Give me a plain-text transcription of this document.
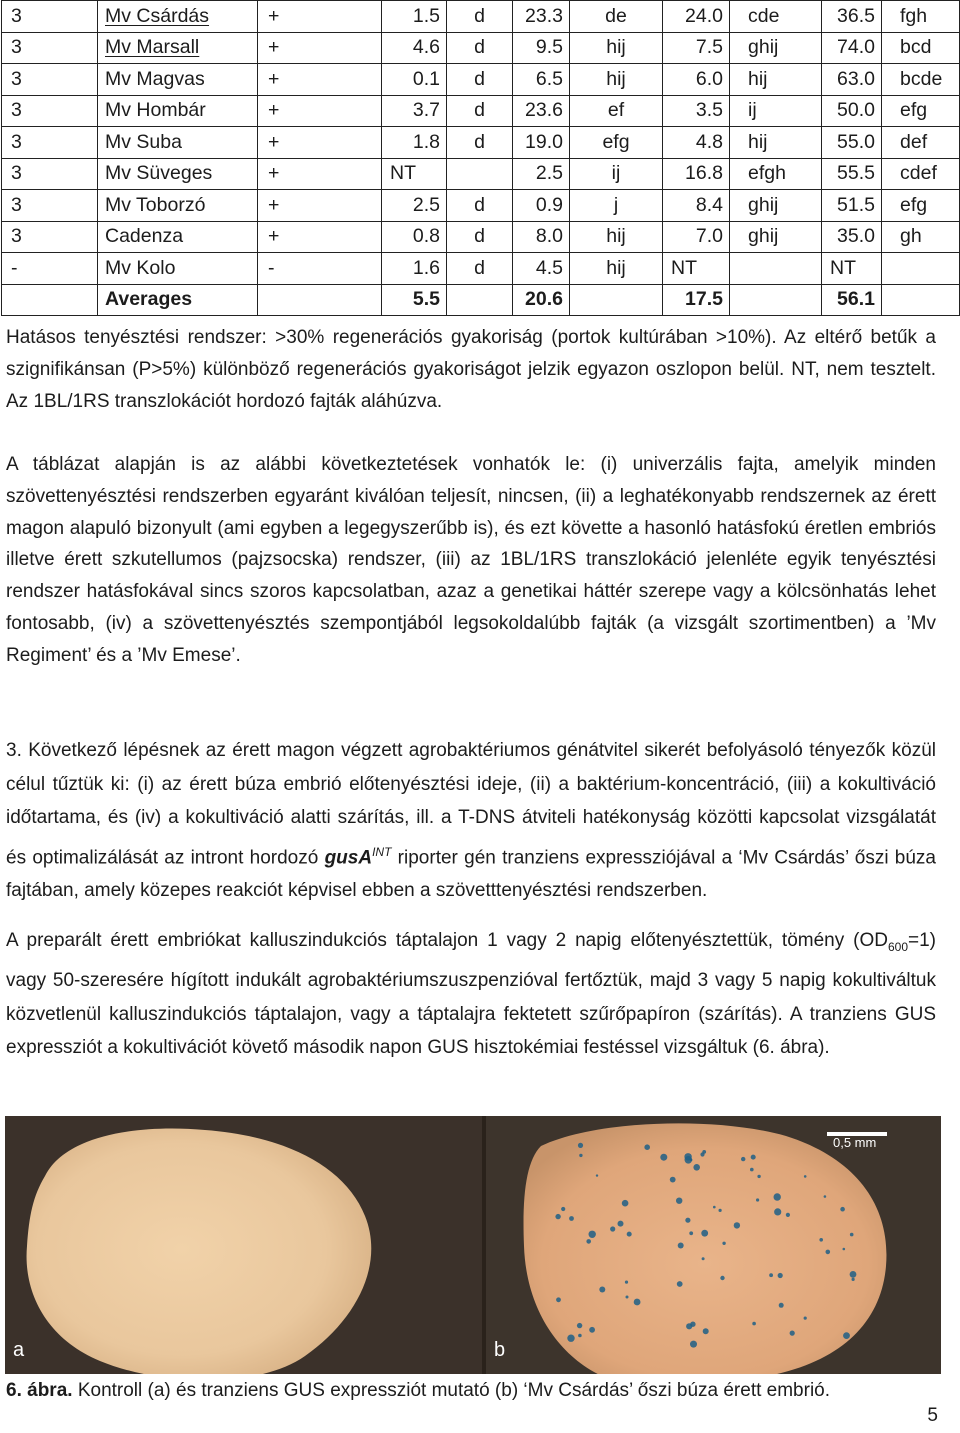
3	Mv Csárdás	+	1.5	d	23.3	de	24.0	cde	36.5	fgh
3	Mv Marsall	+	4.6	d	9.5	hij	7.5	ghij	74.0	bcd
3	Mv Magvas	+	0.1	d	6.5	hij	6.0	hij	63.0	bcde
3	Mv Hombár	+	3.7	d	23.6	ef	3.5	ij	50.0	efg
3	Mv Suba	+	1.8	d	19.0	efg	4.8	hij	55.0	def
3	Mv Süveges	+	NT		2.5	ij	16.8	efgh	55.5	cdef
3	Mv Toborzó	+	2.5	d	0.9	j	8.4	ghij	51.5	efg
3	Cadenza	+	0.8	d	8.0	hij	7.0	ghij	35.0	gh
-	Mv Kolo	-	1.6	d	4.5	hij	NT		NT	
	Averages		5.5		20.6		17.5		56.1	

Hatásos tenyésztési rendszer: >30% regenerációs gyakoriság (portok kultúrában >10%). Az eltérő betűk a szignifikánsan (P>5%) különböző regenerációs gyakoriságot jelzik egyazon oszlopon belül. NT, nem tesztelt. Az 1BL/1RS transzlokációt hordozó fajták aláhúzva.

A táblázat alapján is az alábbi következtetések vonhatók le: (i) univerzális fajta, amelyik minden szövettenyésztési rendszerben egyaránt kiválóan teljesít, nincsen, (ii) a leghatékonyabb rendszernek az érett magon alapuló bizonyult (ami egyben a legegyszerűbb is), és ezt követte a hasonló hatásfokú éretlen embriós illetve érett szkutellumos (pajzsocska) rendszer, (iii) az 1BL/1RS transzlokáció jelenléte egyik tenyésztési rendszer hatásfokával sincs szoros kapcsolatban, azaz a genetikai háttér szerepe vagy a kölcsönhatás lehet fontosabb, (iv) a szövettenyésztés szempontjából legsokoldalúbb fajták (a vizsgált szortimentben) a ’Mv Regiment’ és a ’Mv Emese’.

3. Következő lépésnek az érett magon végzett agrobaktériumos génátvitel sikerét befolyásoló tényezők közül célul tűztük ki: (i) az érett búza embrió előtenyésztési ideje, (ii) a baktérium-koncentráció, (iii) a kokultiváció időtartama, és (iv) a kokultiváció alatti szárítás, ill. a T-DNS átviteli hatékonyság közötti kapcsolat vizsgálatát és optimalizálását az intront hordozó gusA$^{INT}$ riporter gén tranziens expressziójával a ‘Mv Csárdás’ őszi búza fajtában, amely közepes reakciót képvisel ebben a szövetttenyésztési rendszerben.

A preparált érett embriókat kalluszindukciós táptalajon 1 vagy 2 napig előtenyésztettük, tömény $(OD_{600}=1)$ vagy 50-szeresére hígított indukált agrobaktériumszuszpenzióval fertőztük, majd 3 vagy 5 napig kokultiváltuk közvetlenül kalluszindukciós táptalajon, vagy a táptalajra fektetett szűrőpapíron (szárítás). A tranziens GUS expressziót a kokultivációt követő második napon GUS hisztokémiai festéssel vizsgáltuk (6. ábra).

a
0,5 mm
b
6. ábra. Kontroll (a) és tranziens GUS expressziót mutató (b) ‘Mv Csárdás’ őszi búza érett embrió.
5
